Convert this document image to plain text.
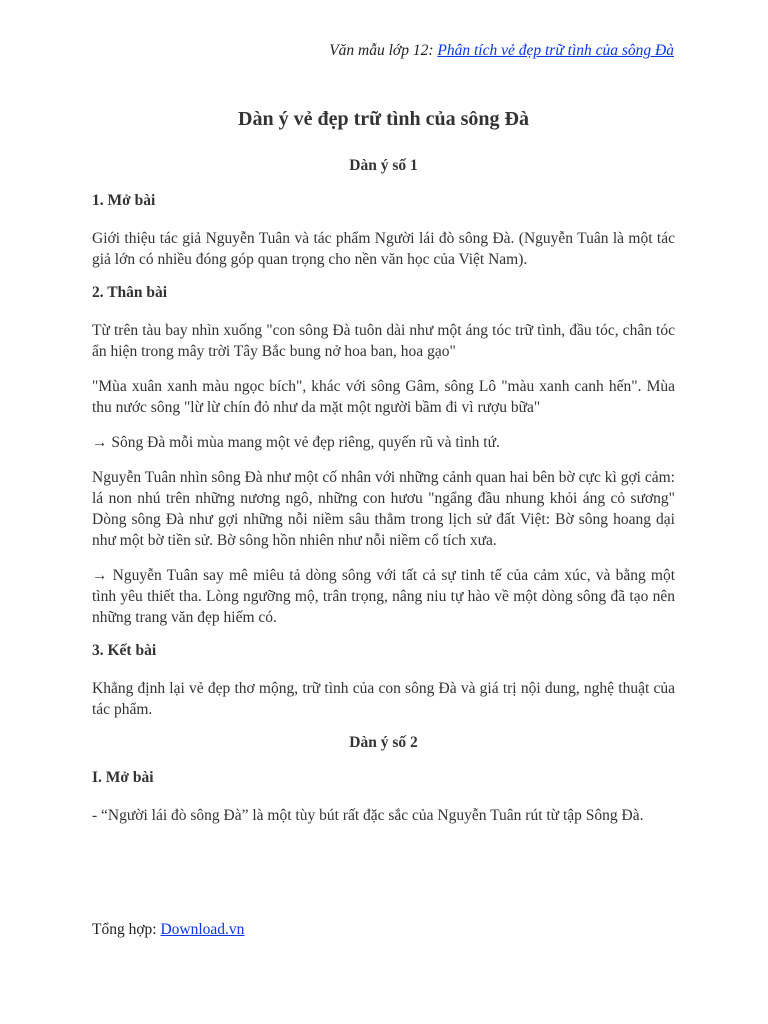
Văn mẫu lớp 12: Phân tích vẻ đẹp trữ tình của sông Đà
Dàn ý vẻ đẹp trữ tình của sông Đà
Dàn ý số 1
1. Mở bài

Giới thiệu tác giả Nguyễn Tuân và tác phẩm Người lái đò sông Đà. (Nguyễn Tuân là một tác giả lớn có nhiều đóng góp quan trọng cho nền văn học của Việt Nam).

2. Thân bài

Từ trên tàu bay nhìn xuống "con sông Đà tuôn dài như một áng tóc trữ tình, đầu tóc, chân tóc ẩn hiện trong mây trời Tây Bắc bung nở hoa ban, hoa gạo"

"Mùa xuân xanh màu ngọc bích", khác với sông Gâm, sông Lô "màu xanh canh hến". Mùa thu nước sông "lừ lừ chín đỏ như da mặt một người bầm đi vì rượu bữa"

→ Sông Đà mỗi mùa mang một vẻ đẹp riêng, quyến rũ và tình tứ.

Nguyễn Tuân nhìn sông Đà như một cố nhân với những cảnh quan hai bên bờ cực kì gợi cảm: lá non nhú trên những nương ngô, những con hươu "ngẩng đầu nhung khỏi áng cỏ sương" Dòng sông Đà như gợi những nỗi niềm sâu thẳm trong lịch sử đất Việt: Bờ sông hoang dại như một bờ tiền sử. Bờ sông hồn nhiên như nỗi niềm cổ tích xưa.

→ Nguyễn Tuân say mê miêu tả dòng sông với tất cả sự tinh tế của cảm xúc, và bằng một tình yêu thiết tha. Lòng ngưỡng mộ, trân trọng, nâng niu tự hào về một dòng sông đã tạo nên những trang văn đẹp hiếm có.

3. Kết bài

Khẳng định lại vẻ đẹp thơ mộng, trữ tình của con sông Đà và giá trị nội dung, nghệ thuật của tác phẩm.

Dàn ý số 2
I. Mở bài

- “Người lái đò sông Đà” là một tùy bút rất đặc sắc của Nguyễn Tuân rút từ tập Sông Đà.

Tổng hợp: Download.vn
